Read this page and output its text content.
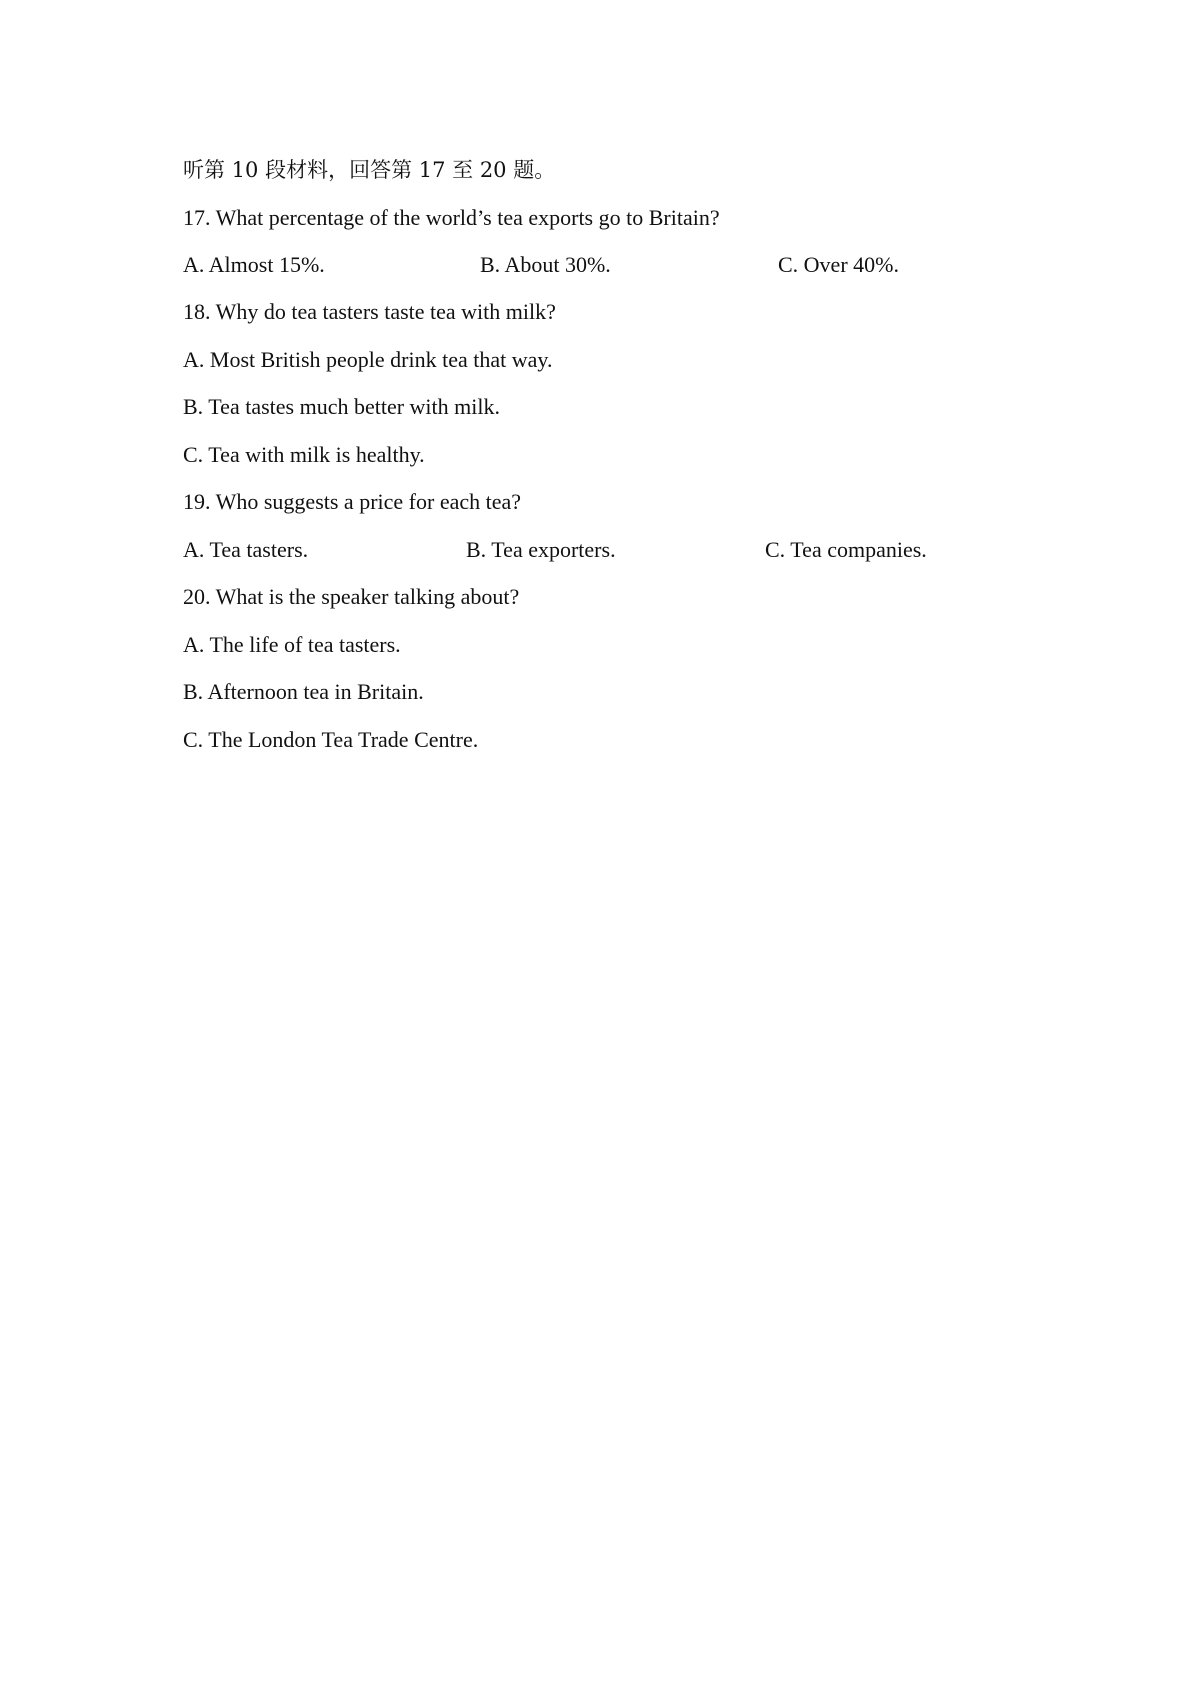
听第 10 段材料，回答第 17 至 20 题。
17. What percentage of the world’s tea exports go to Britain?
A. Almost 15%.	B. About 30%.	C. Over 40%.
18. Why do tea tasters taste tea with milk?
A. Most British people drink tea that way.
B. Tea tastes much better with milk.
C. Tea with milk is healthy.
19. Who suggests a price for each tea?
A. Tea tasters.	B. Tea exporters.	C. Tea companies.
20. What is the speaker talking about?
A. The life of tea tasters.
B. Afternoon tea in Britain.
C. The London Tea Trade Centre.
